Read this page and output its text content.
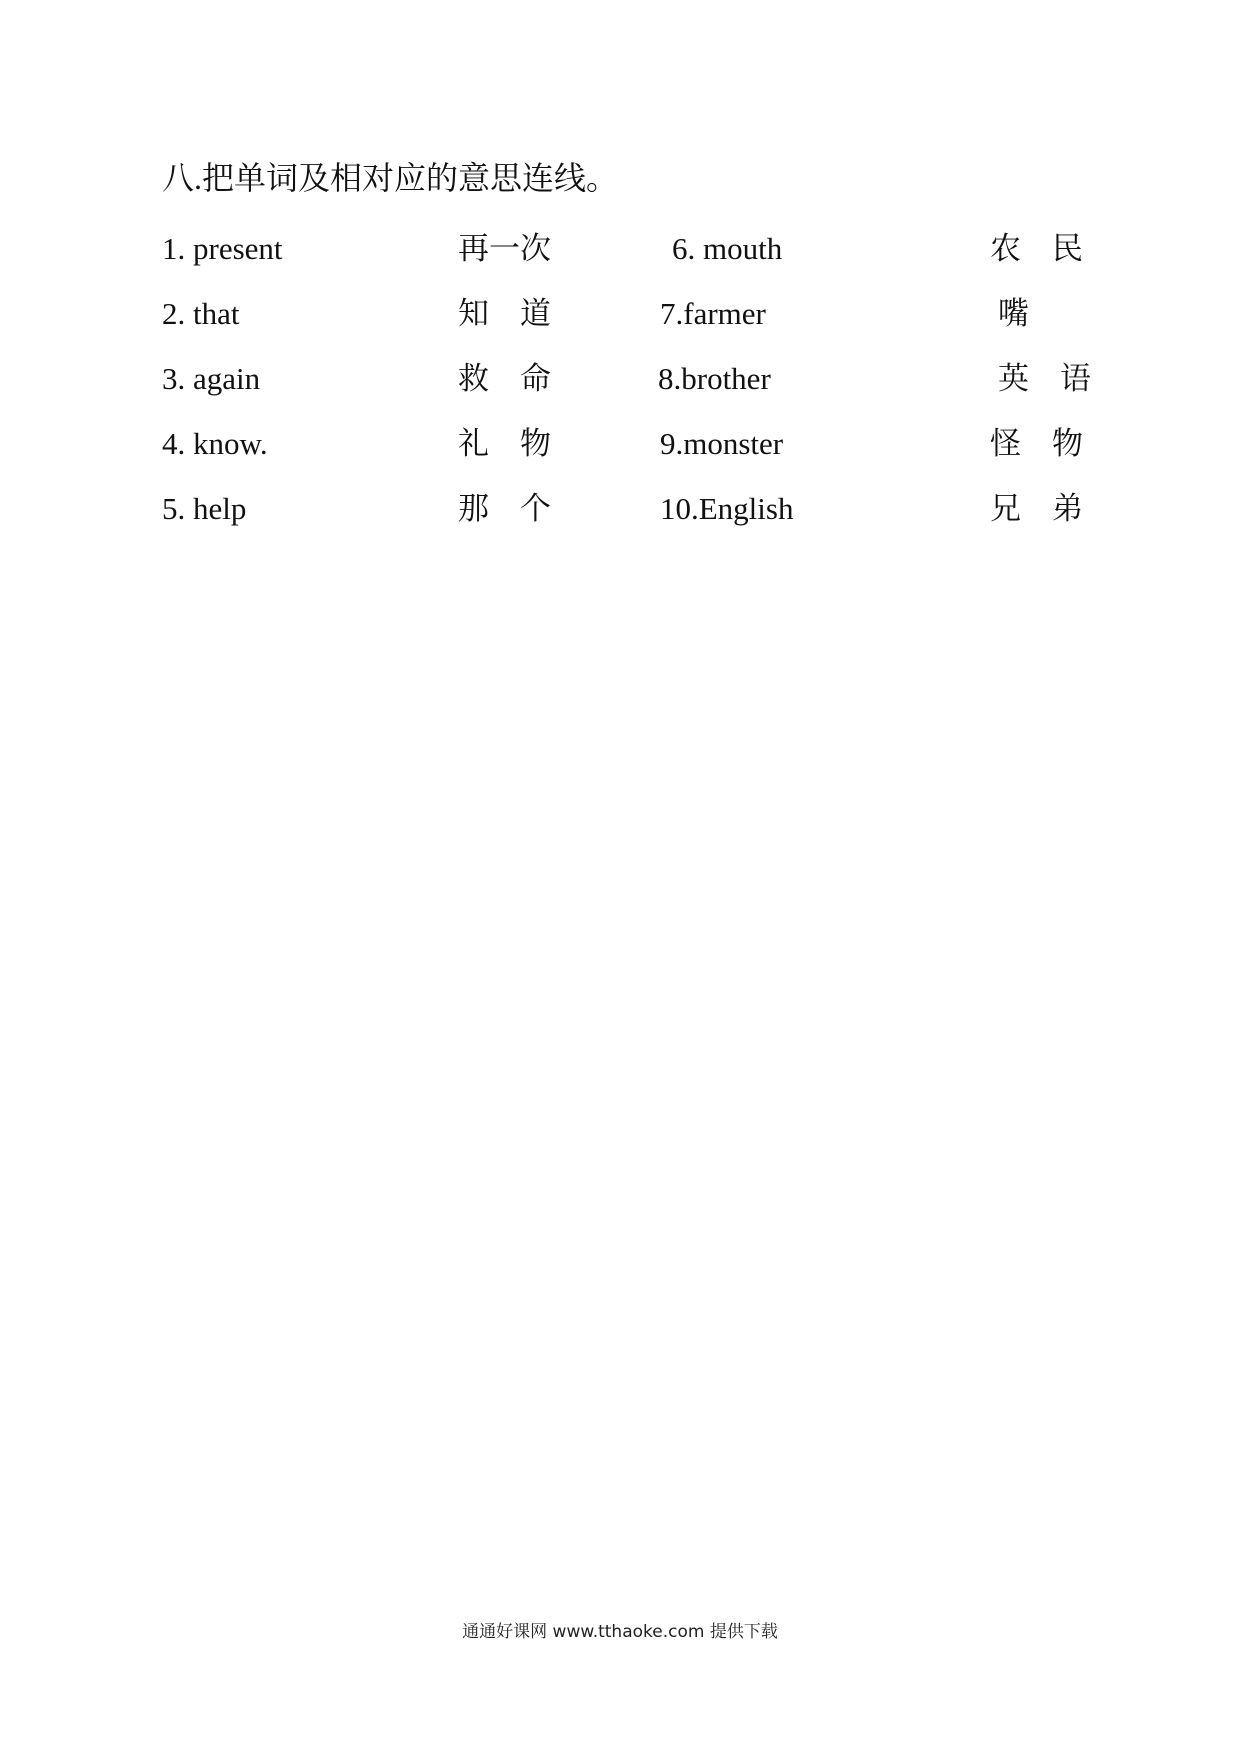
八.把单词及相对应的意思连线。
1. present	再一次	6. mouth	农　民
2. that	知　道	7.farmer	嘴
3. again	救　命	8.brother	英　语
4. know.	礼　物	9.monster	怪　物
5. help	那　个	10.English	兄　弟
通通好课网 www.tthaoke.com 提供下载
